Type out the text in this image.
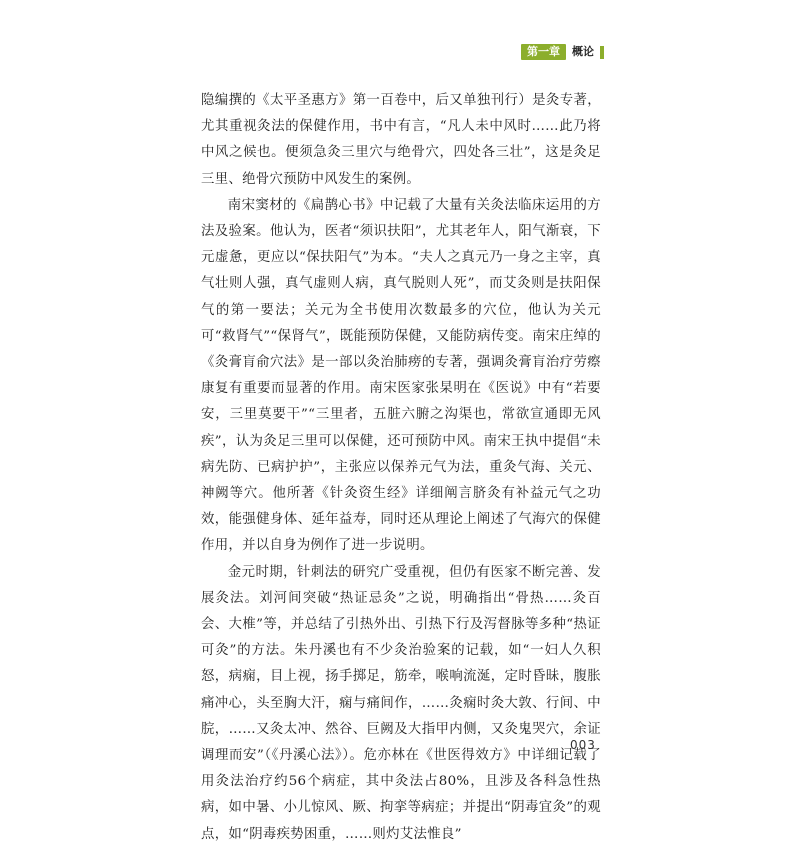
第一章	概论

隐编撰的《太平圣惠方》第一百卷中，后又单独刊行）是灸专著，尤其重视灸法的保健作用，书中有言，“凡人未中风时……此乃将中风之候也。便须急灸三里穴与绝骨穴，四处各三壮”，这是灸足三里、绝骨穴预防中风发生的案例。

南宋窦材的《扁鹊心书》中记载了大量有关灸法临床运用的方法及验案。他认为，医者“须识扶阳”，尤其老年人，阳气渐衰，下元虚惫，更应以“保扶阳气”为本。“夫人之真元乃一身之主宰，真气壮则人强，真气虚则人病，真气脱则人死”，而艾灸则是扶阳保气的第一要法；关元为全书使用次数最多的穴位，他认为关元可“救肾气”“保肾气”，既能预防保健，又能防病传变。南宋庄绰的《灸膏肓俞穴法》是一部以灸治肺痨的专著，强调灸膏肓治疗劳瘵康复有重要而显著的作用。南宋医家张杲明在《医说》中有“若要安，三里莫要干”“三里者，五脏六腑之沟渠也，常欲宣通即无风疾”，认为灸足三里可以保健，还可预防中风。南宋王执中提倡“未病先防、已病护护”，主张应以保养元气为法，重灸气海、关元、神阙等穴。他所著《针灸资生经》详细阐言脐灸有补益元气之功效，能强健身体、延年益寿，同时还从理论上阐述了气海穴的保健作用，并以自身为例作了进一步说明。

金元时期，针刺法的研究广受重视，但仍有医家不断完善、发展灸法。刘河间突破“热证忌灸”之说，明确指出“骨热……灸百会、大椎”等，并总结了引热外出、引热下行及泻督脉等多种“热证可灸”的方法。朱丹溪也有不少灸治验案的记载，如“一妇人久积怒，病痫，目上视，扬手掷足，筋牵，喉响流涎，定时昏昧，腹胀痛冲心，头至胸大汗，痫与痛间作，……灸痫时灸大敦、行间、中脘，……又灸太冲、然谷、巨阙及大指甲内侧，又灸鬼哭穴，余证调理而安”（《丹溪心法》）。危亦林在《世医得效方》中详细记载了用灸法治疗约56个病症，其中灸法占80%，且涉及各科急性热病，如中暑、小儿惊风、厥、拘挛等病症；并提出“阴毒宜灸”的观点，如“阴毒疾势困重，……则灼艾法惟良”

003
